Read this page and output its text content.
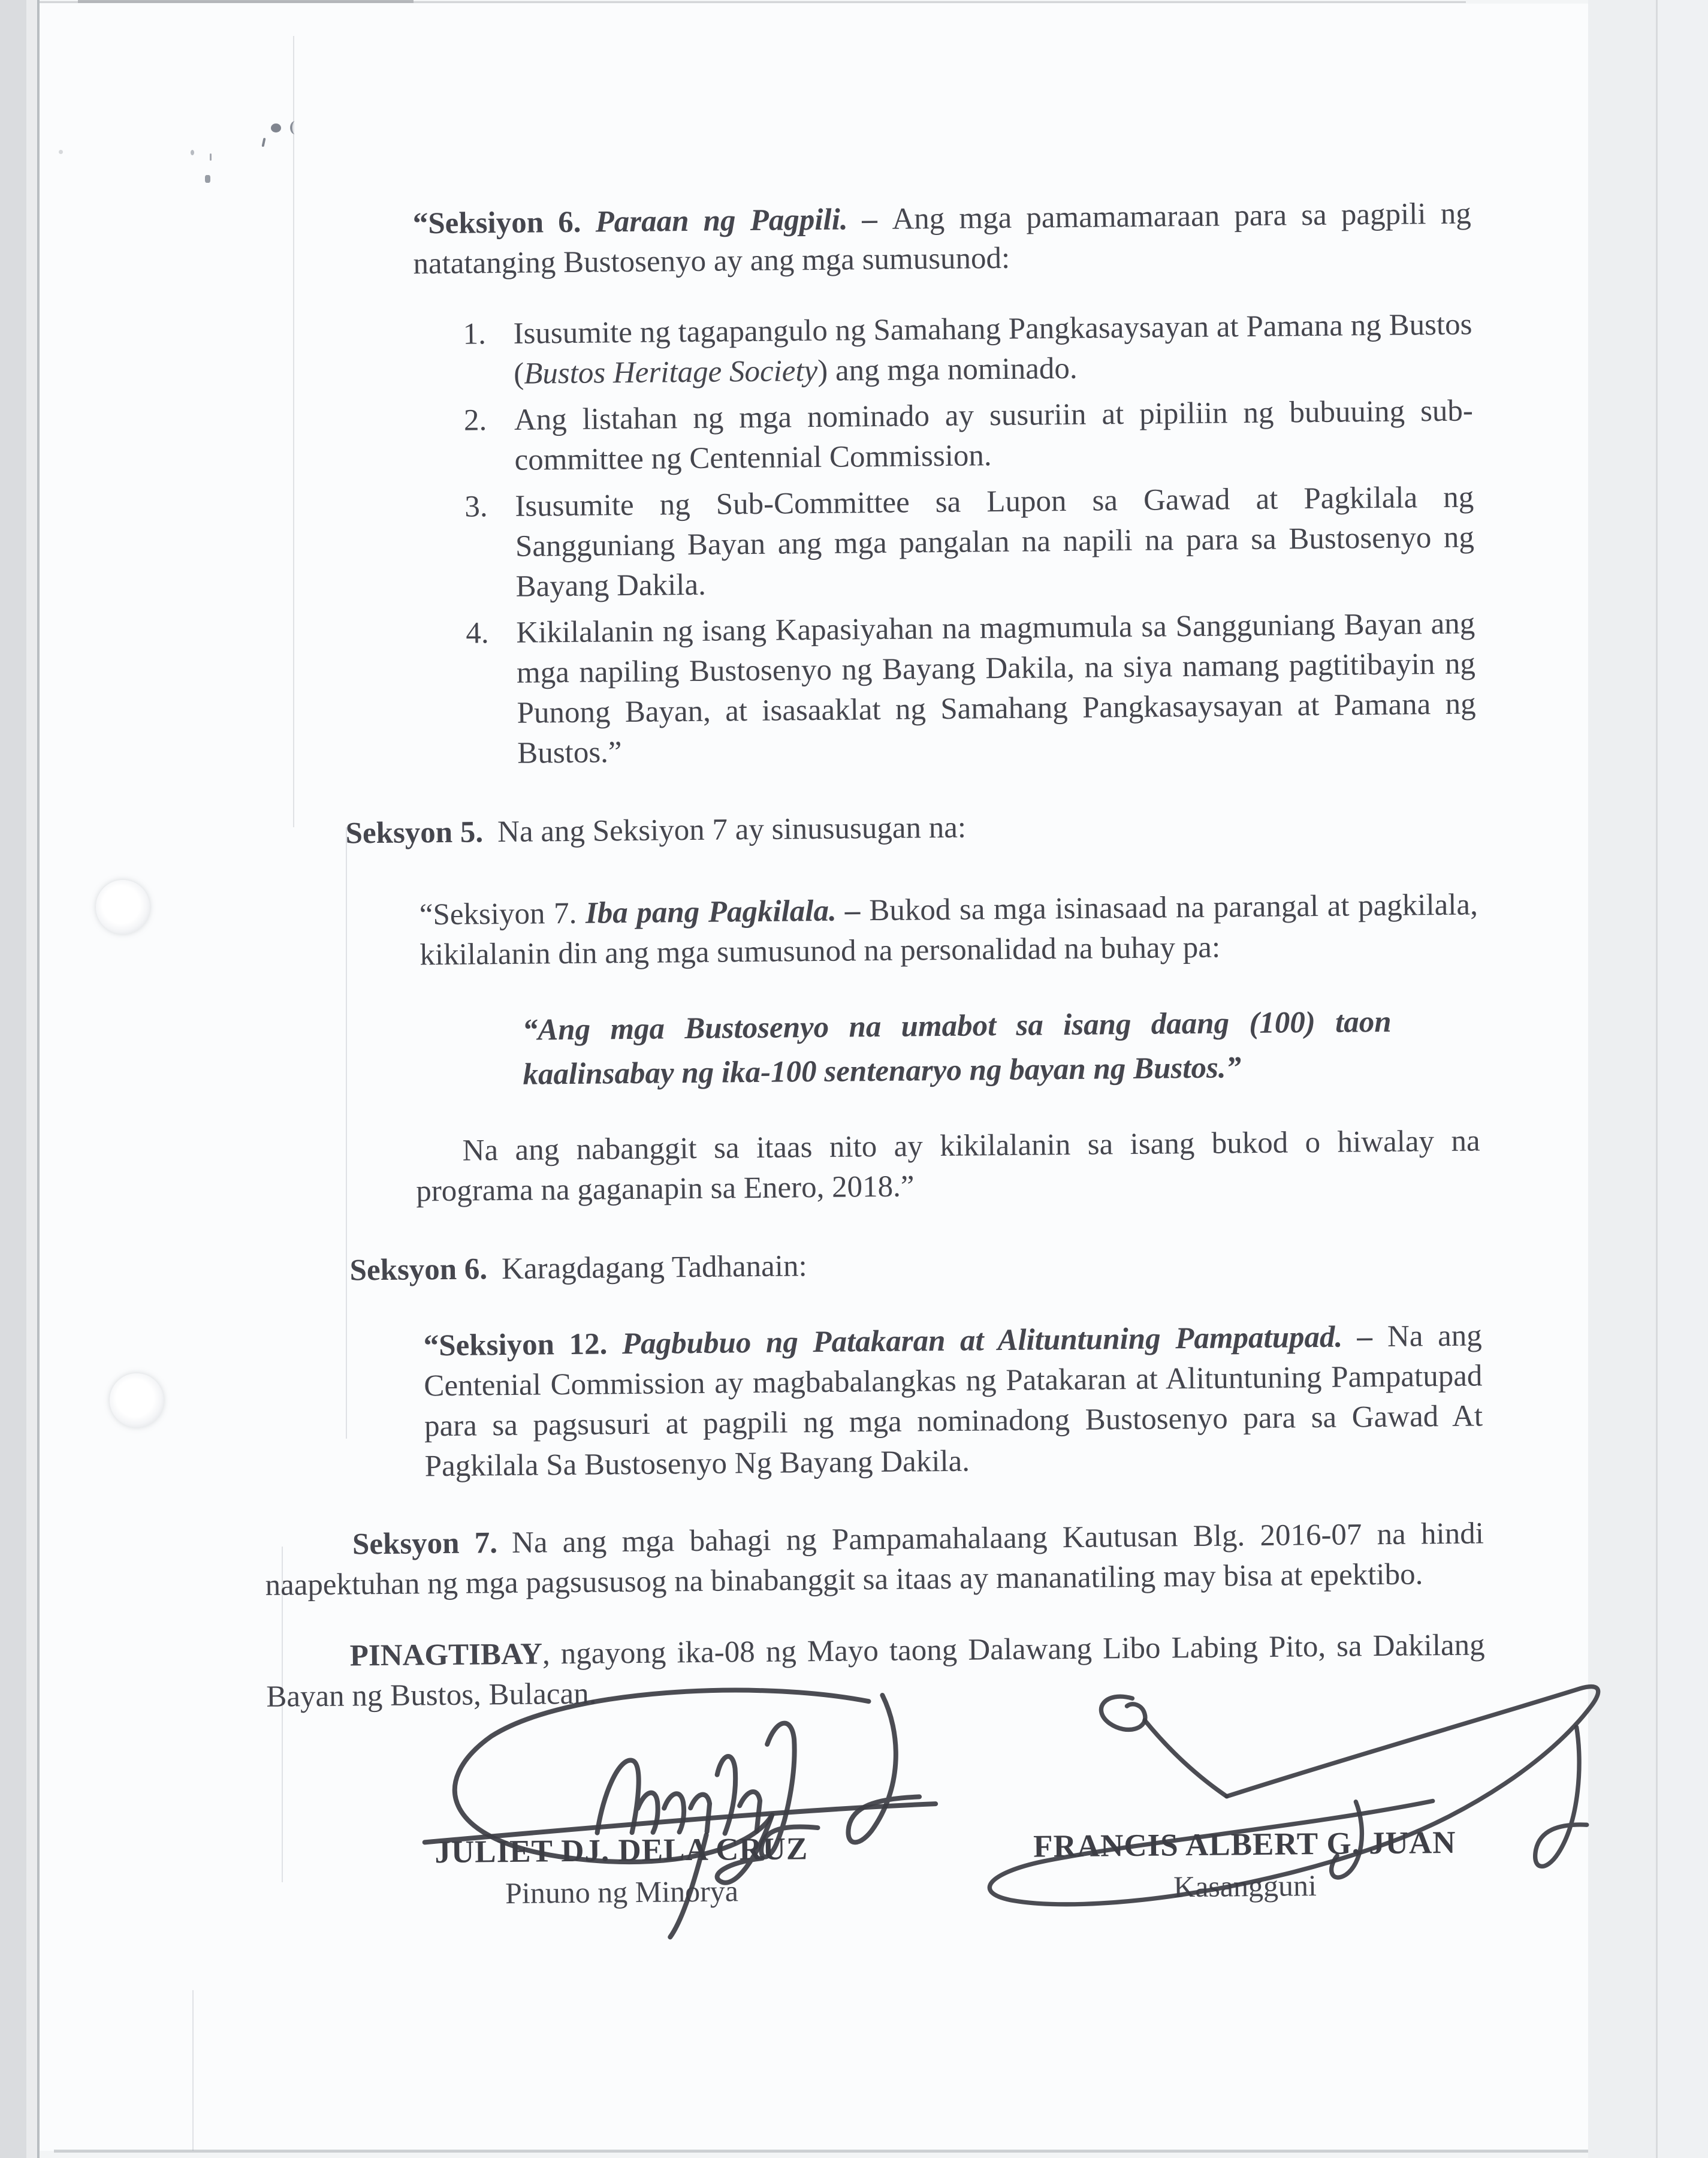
“Seksiyon 6. Paraan ng Pagpili. – Ang mga pamamamaraan para sa pagpili ng natatanging Bustosenyo ay ang mga sumusunod:

1. Isusumite ng tagapangulo ng Samahang Pangkasaysayan at Pamana ng Bustos (Bustos Heritage Society) ang mga nominado.
2. Ang listahan ng mga nominado ay susuriin at pipiliin ng bubuuing sub-committee ng Centennial Commission.
3. Isusumite ng Sub-Committee sa Lupon sa Gawad at Pagkilala ng Sangguniang Bayan ang mga pangalan na napili na para sa Bustosenyo ng Bayang Dakila.
4. Kikilalanin ng isang Kapasiyahan na magmumula sa Sangguniang Bayan ang mga napiling Bustosenyo ng Bayang Dakila, na siya namang pagtitibayin ng Punong Bayan, at isasaaklat ng Samahang Pangkasaysayan at Pamana ng Bustos.”

Seksyon 5. Na ang Seksiyon 7 ay sinususugan na:

“Seksiyon 7. Iba pang Pagkilala. – Bukod sa mga isinasaad na parangal at pagkilala, kikilalanin din ang mga sumusunod na personalidad na buhay pa:

“Ang mga Bustosenyo na umabot sa isang daang (100) taon kaalinsabay ng ika-100 sentenaryo ng bayan ng Bustos.”

Na ang nabanggit sa itaas nito ay kikilalanin sa isang bukod o hiwalay na programa na gaganapin sa Enero, 2018.”

Seksyon 6. Karagdagang Tadhanain:

“Seksiyon 12. Pagbubuo ng Patakaran at Alituntuning Pampatupad. – Na ang Centenial Commission ay magbabalangkas ng Patakaran at Alituntuning Pampatupad para sa pagsusuri at pagpili ng mga nominadong Bustosenyo para sa Gawad At Pagkilala Sa Bustosenyo Ng Bayang Dakila.

Seksyon 7. Na ang mga bahagi ng Pampamahalaang Kautusan Blg. 2016-07 na hindi naapektuhan ng mga pagsususog na binabanggit sa itaas ay mananatiling may bisa at epektibo.

PINAGTIBAY, ngayong ika-08 ng Mayo taong Dalawang Libo Labing Pito, sa Dakilang Bayan ng Bustos, Bulacan.

JULIET DJ. DELA CRUZ
Pinuno ng Minorya
FRANCIS ALBERT G. JUAN
Kasangguni
